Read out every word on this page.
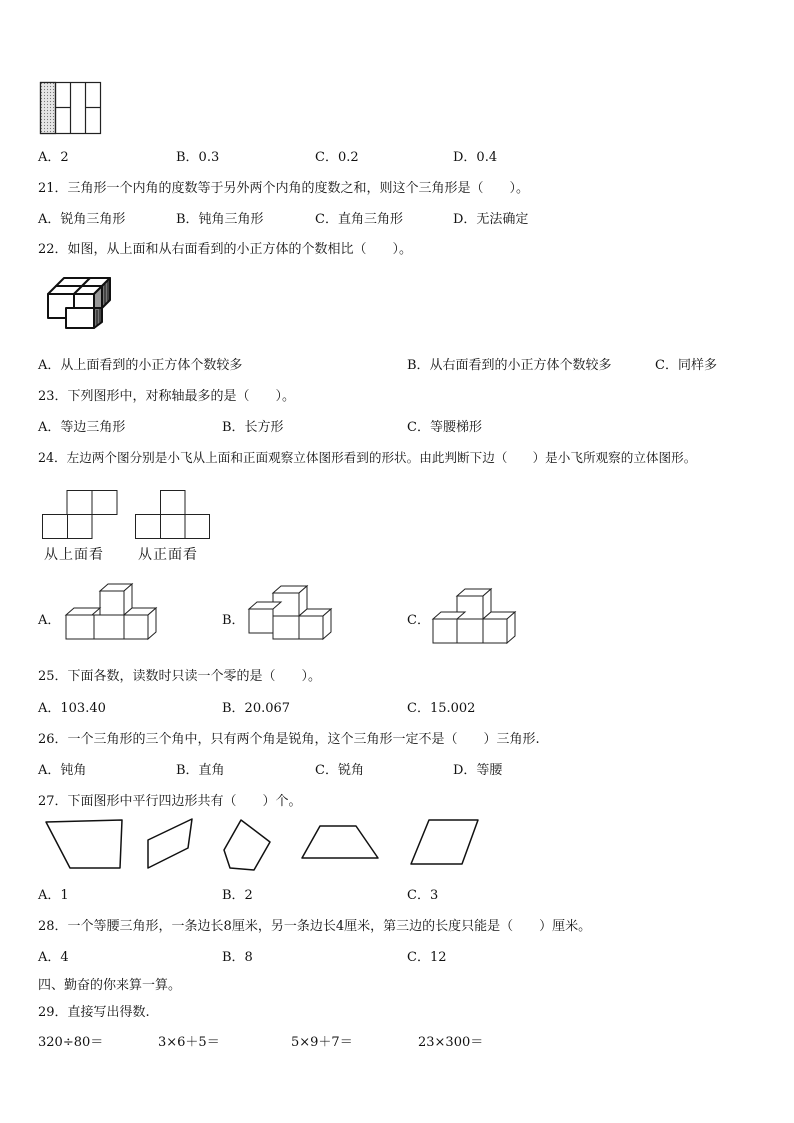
A．2	B．0.3	C．0.2	D．0.4
21．三角形一个内角的度数等于另外两个内角的度数之和，则这个三角形是（　　）。
A．锐角三角形	B．钝角三角形	C．直角三角形	D．无法确定
22．如图，从上面和从右面看到的小正方体的个数相比（　　）。
A．从上面看到的小正方体个数较多	B．从右面看到的小正方体个数较多	C．同样多
23．下列图形中，对称轴最多的是（　　）。
A．等边三角形	B．长方形	C．等腰梯形
24．左边两个图分别是小飞从上面和正面观察立体图形看到的形状。由此判断下边（　　）是小飞所观察的立体图形。
从上面看 从正面看
A．	B．	C．
25．下面各数，读数时只读一个零的是（　　）。
A．103.40	B．20.067	C．15.002
26．一个三角形的三个角中，只有两个角是锐角，这个三角形一定不是（　　）三角形.
A．钝角	B．直角	C．锐角	D．等腰
27．下面图形中平行四边形共有（　　）个。
A．1	B．2	C．3
28．一个等腰三角形，一条边长8厘米，另一条边长4厘米，第三边的长度只能是（　　）厘米。
A．4	B．8	C．12
四、勤奋的你来算一算。
29．直接写出得数.
320÷80＝	3×6＋5＝	5×9＋7＝	23×300＝
